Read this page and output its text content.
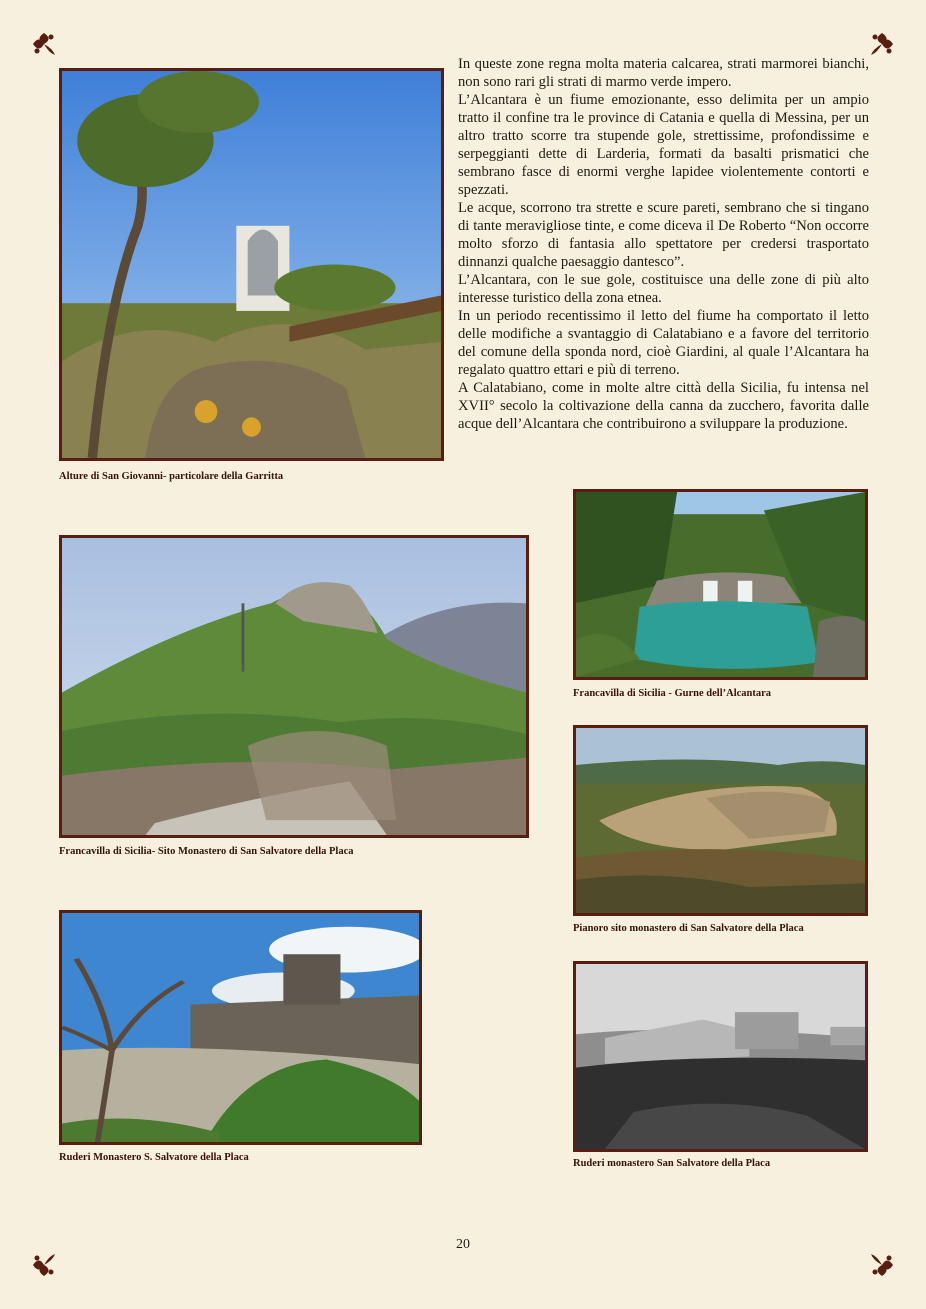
Alture di San Giovanni- particolare della Garritta

In queste zone regna molta materia calcarea, strati marmorei bianchi, non sono rari gli strati di marmo verde impero.

L’Alcantara è un fiume emozionante, esso delimita per un ampio tratto il confine tra le province di Catania e quella di Messina, per un altro tratto scorre tra stupende gole, strettissime, profondissime e serpeggianti dette di Larderia, formati da basalti prismatici che sembrano fasce di enormi verghe lapidee violentemente contorti e spezzati.

Le acque, scorrono tra strette e scure pareti, sembrano che si tingano di tante meravigliose tinte, e come diceva il De Roberto “Non occorre molto sforzo di fantasia allo spettatore per credersi trasportato dinnanzi qualche paesaggio dantesco”.

L’Alcantara, con le sue gole, costituisce una delle zone di più alto interesse turistico della zona etnea.

In un periodo recentissimo il letto del fiume ha comportato il letto delle modifiche a svantaggio di Calatabiano e a favore del territorio del comune della sponda nord, cioè Giardini, al quale l’Alcantara ha regalato quattro ettari e più di terreno.

A Calatabiano, come in molte altre città della Sicilia, fu intensa nel XVII° secolo la coltivazione della canna da zucchero, favorita dalle acque dell’Alcantara che contribuirono a sviluppare la produzione.

Francavilla di Sicilia - Gurne dell’Alcantara
Francavilla di Sicilia- Sito Monastero di San Salvatore della Placa
Pianoro sito monastero di San Salvatore della Placa
Ruderi Monastero S. Salvatore della Placa
Ruderi monastero San Salvatore della Placa
20
